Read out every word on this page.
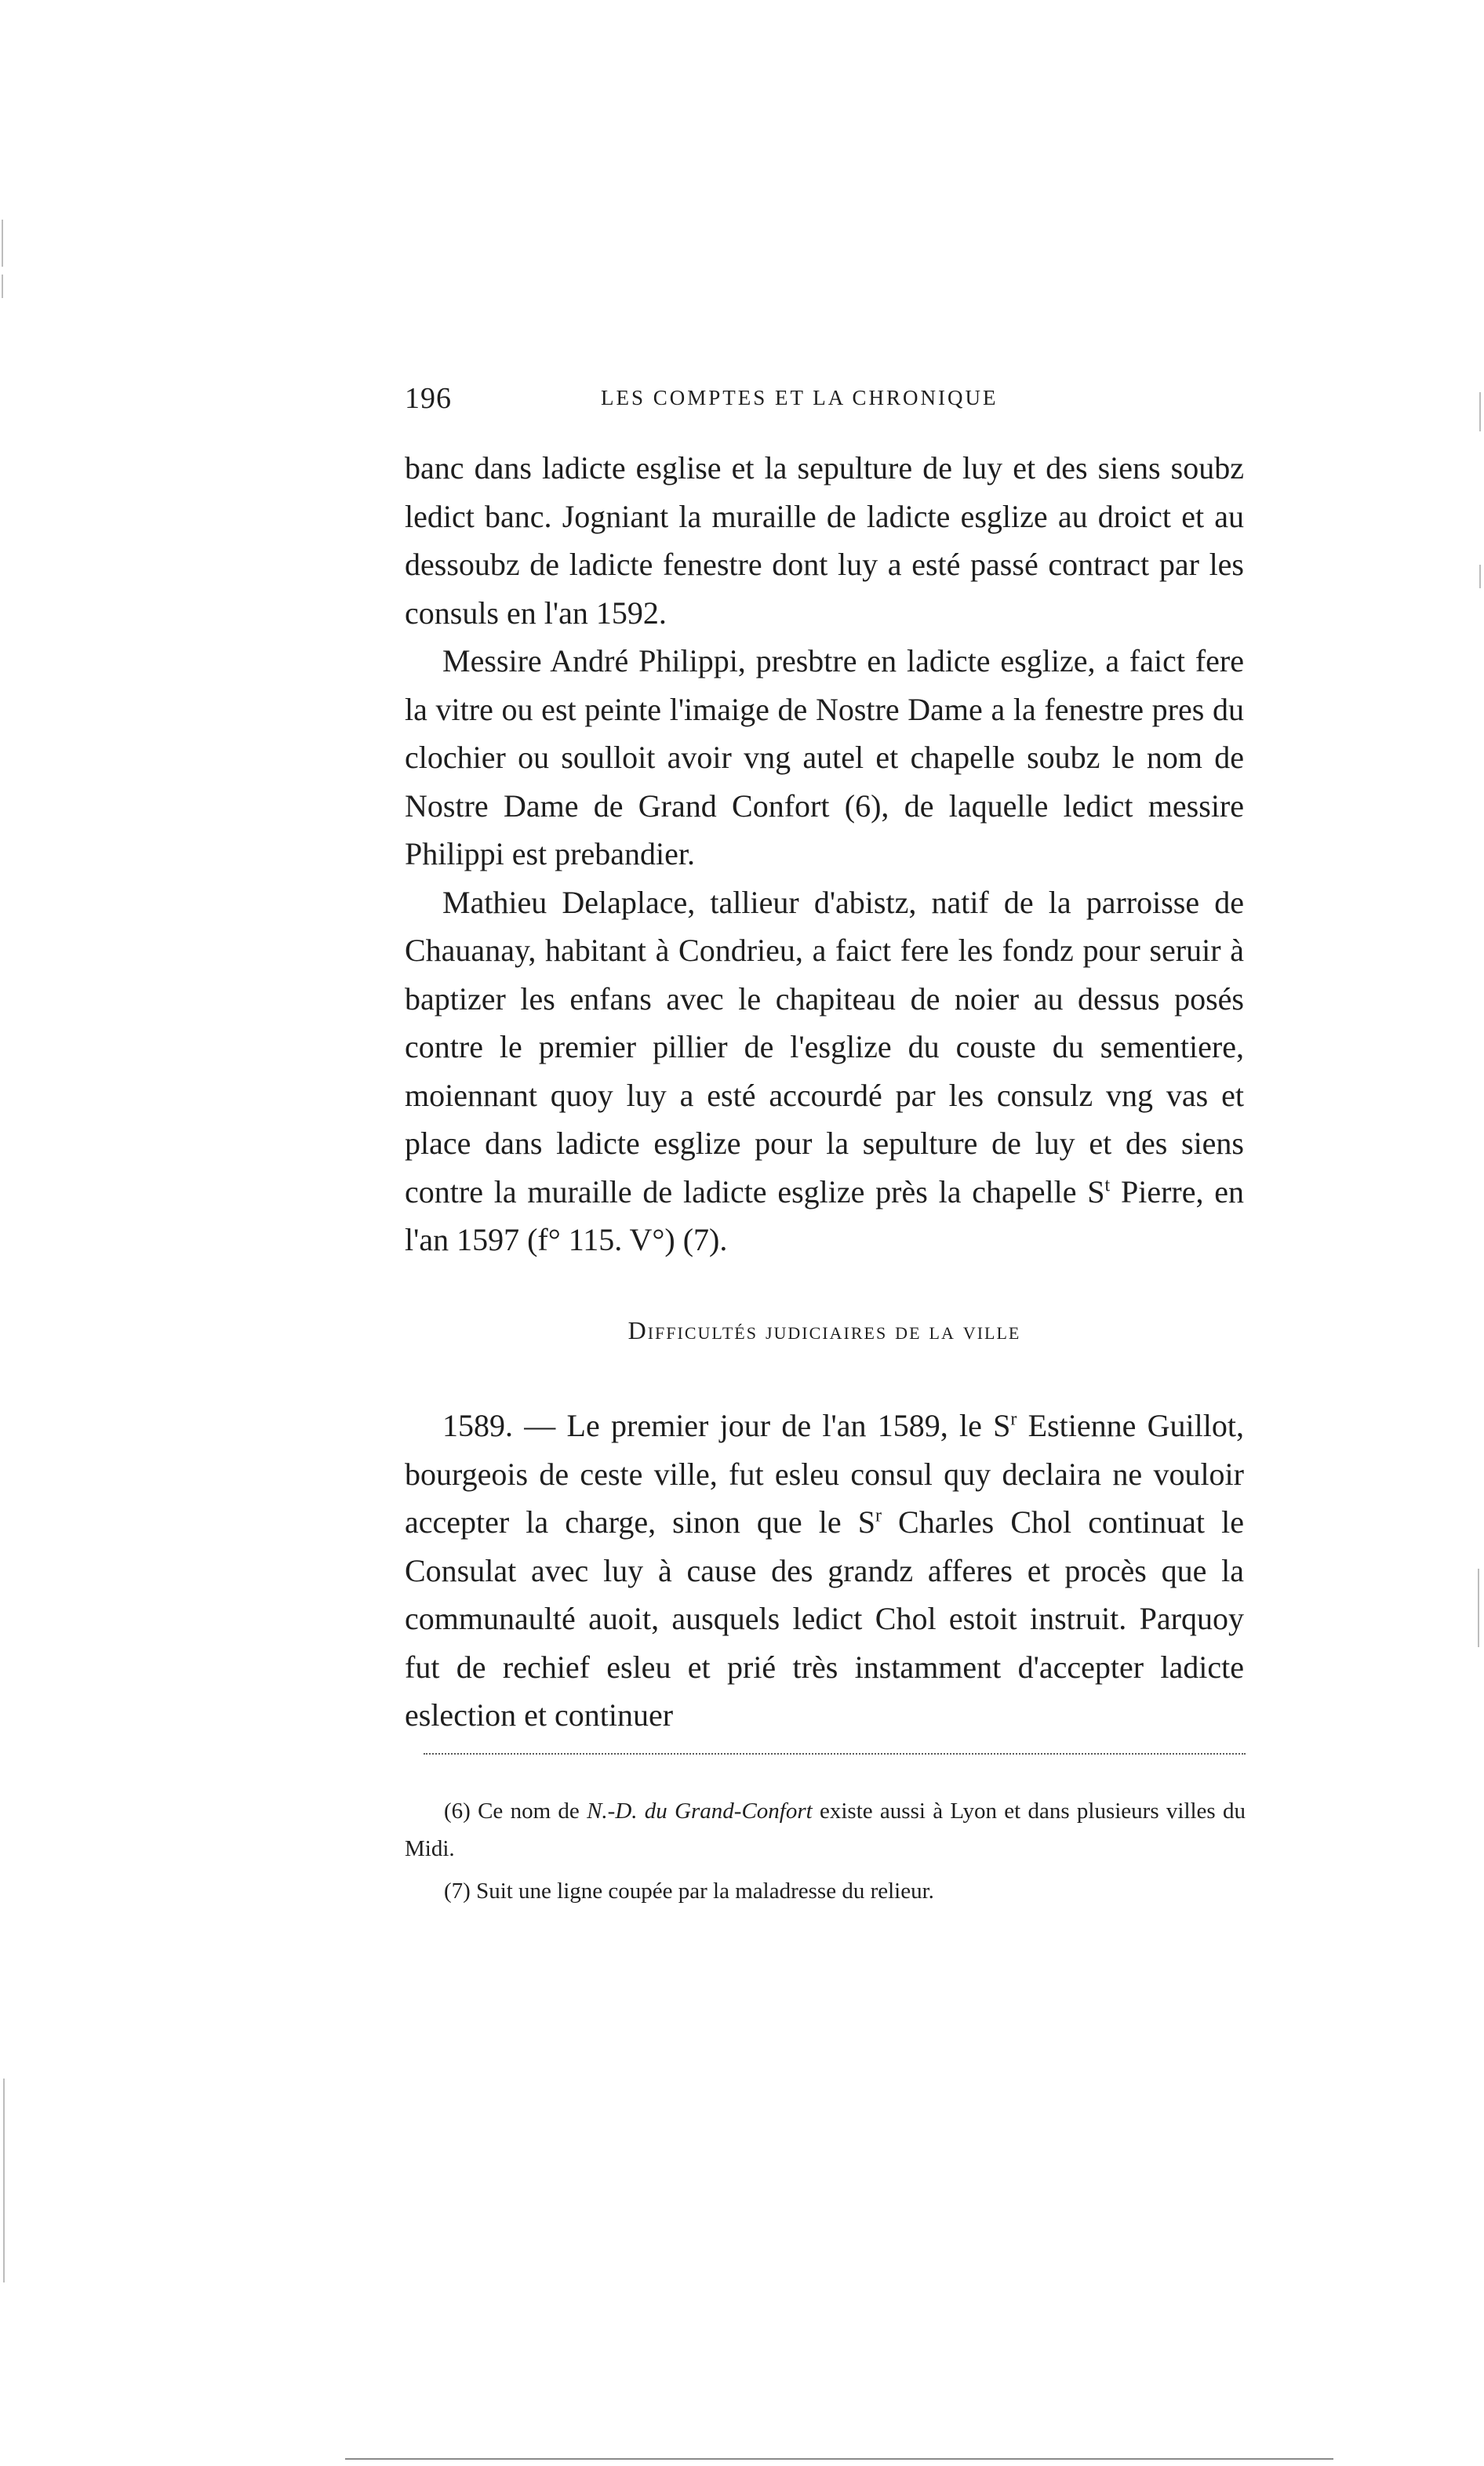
196	LES COMPTES ET LA CHRONIQUE

banc dans ladicte esglise et la sepulture de luy et des siens soubz ledict banc. Jogniant la muraille de ladicte esglize au droict et au dessoubz de ladicte fenestre dont luy a esté passé contract par les consuls en l'an 1592.

Messire André Philippi, presbtre en ladicte esglize, a faict fere la vitre ou est peinte l'imaige de Nostre Dame a la fenestre pres du clochier ou soulloit avoir vng autel et chapelle soubz le nom de Nostre Dame de Grand Confort (6), de laquelle ledict messire Philippi est prebandier.

Mathieu Delaplace, tallieur d'abistz, natif de la parroisse de Chauanay, habitant à Condrieu, a faict fere les fondz pour seruir à baptizer les enfans avec le chapiteau de noier au dessus posés contre le premier pillier de l'esglize du couste du sementiere, moiennant quoy luy a esté accourdé par les consulz vng vas et place dans ladicte esglize pour la sepulture de luy et des siens contre la muraille de ladicte esglize près la chapelle $S^t$ Pierre, en l'an 1597 (f° 115. V°) (7).

Difficultés judiciaires de la ville

1589. — Le premier jour de l'an 1589, le $S^r$ Estienne Guillot, bourgeois de ceste ville, fut esleu consul quy declaira ne vouloir accepter la charge, sinon que le $S^r$ Charles Chol continuat le Consulat avec luy à cause des grandz afferes et procès que la communaulté auoit, ausquels ledict Chol estoit instruit. Parquoy fut de rechief esleu et prié très instamment d'accepter ladicte eslection et continuer

(6) Ce nom de N.-D. du Grand-Confort existe aussi à Lyon et dans plusieurs villes du Midi.

(7) Suit une ligne coupée par la maladresse du relieur.
